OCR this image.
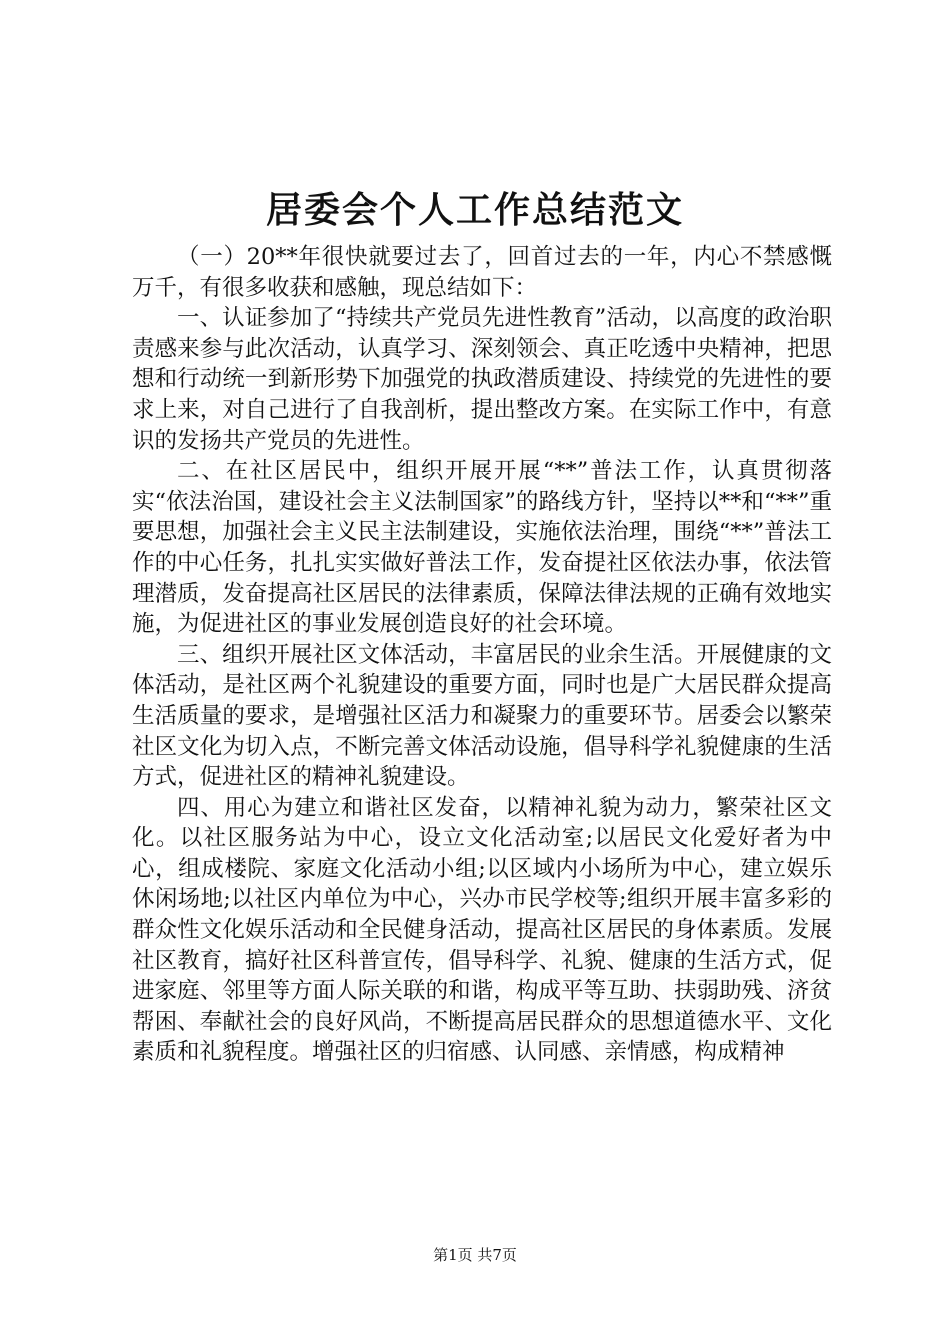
居委会个人工作总结范文

（一）20**年很快就要过去了，回首过去的一年，内心不禁感慨万千，有很多收获和感触，现总结如下：

一、认证参加了“持续共产党员先进性教育”活动，以高度的政治职责感来参与此次活动，认真学习、深刻领会、真正吃透中央精神，把思想和行动统一到新形势下加强党的执政潜质建设、持续党的先进性的要求上来，对自己进行了自我剖析，提出整改方案。在实际工作中，有意识的发扬共产党员的先进性。

二、在社区居民中，组织开展开展“**”普法工作，认真贯彻落实“依法治国，建设社会主义法制国家”的路线方针，坚持以**和“**”重要思想，加强社会主义民主法制建设，实施依法治理，围绕“**”普法工作的中心任务，扎扎实实做好普法工作，发奋提社区依法办事，依法管理潜质，发奋提高社区居民的法律素质，保障法律法规的正确有效地实施，为促进社区的事业发展创造良好的社会环境。

三、组织开展社区文体活动，丰富居民的业余生活。开展健康的文体活动，是社区两个礼貌建设的重要方面，同时也是广大居民群众提高生活质量的要求，是增强社区活力和凝聚力的重要环节。居委会以繁荣社区文化为切入点，不断完善文体活动设施，倡导科学礼貌健康的生活方式，促进社区的精神礼貌建设。

四、用心为建立和谐社区发奋，以精神礼貌为动力，繁荣社区文化。以社区服务站为中心，设立文化活动室;以居民文化爱好者为中心，组成楼院、家庭文化活动小组;以区域内小场所为中心，建立娱乐休闲场地;以社区内单位为中心，兴办市民学校等;组织开展丰富多彩的群众性文化娱乐活动和全民健身活动，提高社区居民的身体素质。发展社区教育，搞好社区科普宣传，倡导科学、礼貌、健康的生活方式，促进家庭、邻里等方面人际关联的和谐，构成平等互助、扶弱助残、济贫帮困、奉献社会的良好风尚，不断提高居民群众的思想道德水平、文化素质和礼貌程度。增强社区的归宿感、认同感、亲情感，构成精神

第1页 共7页
